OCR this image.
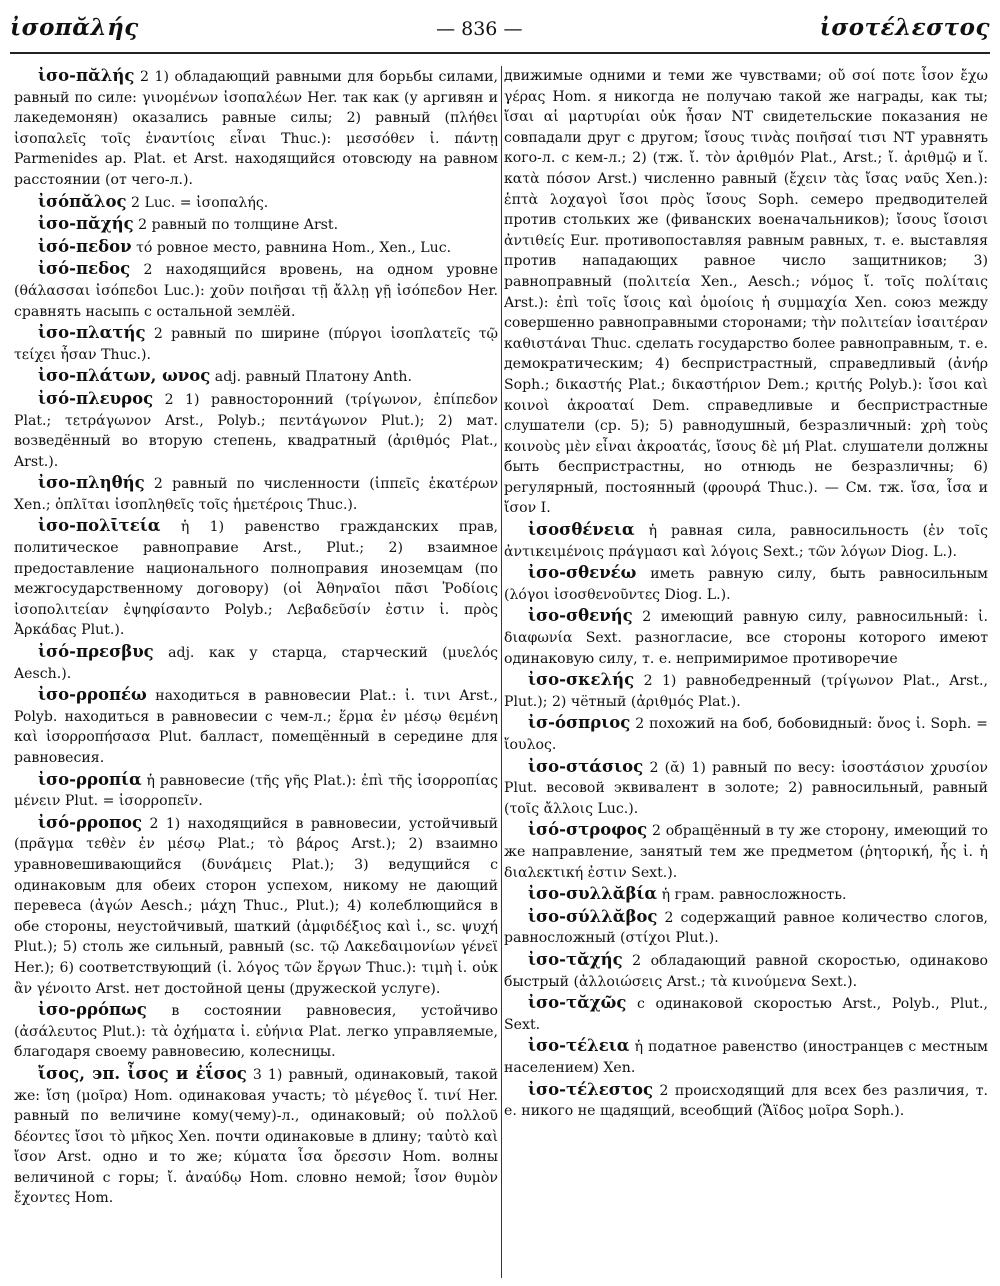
ἰσοπᾰλής	— 836 —	ἰσοτέλεστος

ἰσο-πᾰλής 2 1) обладающий равными для борьбы силами, равный по силе: γινομένων ἰσοπαλέων Her. так как (у аргивян и лакедемонян) оказались равные силы; 2) равный (πλήθει ἰσοπαλεῖς τοῖς ἐναντίοις εἶναι Thuc.): μεσσόθεν ἰ. πάντῃ Parmenides ap. Plat. et Arst. находящийся отовсюду на равном расстоянии (от чего-л.).

ἰσόπᾰλος 2 Luc. = ἰσοπαλής.

ἰσο-πᾰχής 2 равный по толщине Arst.

ἰσό-πεδον τό ровное место, равнина Hom., Xen., Luc.

ἰσό-πεδος 2 находящийся вровень, на одном уровне (θάλασσαι ἰσόπεδοι Luc.): χοῦν ποιῆσαι τῇ ἄλλῃ γῇ ἰσόπεδον Her. сравнять насыпь с остальной землёй.

ἰσο-πλατής 2 равный по ширине (πύργοι ἰσοπλατεῖς τῷ τείχει ἦσαν Thuc.).

ἰσο-πλάτων, ωνος adj. равный Платону Anth.

ἰσό-πλευρος 2 1) равносторонний (τρίγωνον, ἐπίπεδον Plat.; τετράγωνον Arst., Polyb.; πεντάγωνον Plut.); 2) мат. возведённый во вторую степень, квадратный (ἀριθμός Plat., Arst.).

ἰσο-πληθής 2 равный по численности (ἱππεῖς ἑκατέρων Xen.; ὁπλῖται ἰσοπληθεῖς τοῖς ἡμετέροις Thuc.).

ἰσο-πολῑτεία ἡ 1) равенство гражданских прав, политическое равноправие Arst., Plut.; 2) взаимное предоставление национального полноправия иноземцам (по межгосударственному договору) (οἱ Ἀθηναῖοι πᾶσι Ῥοδίοις ἰσοπολιτείαν ἐψηφίσαντο Polyb.; Λεβαδεῦσίν ἐστιν ἰ. πρὸς Ἀρκάδας Plut.).

ἰσό-πρεσβυς adj. как у старца, старческий (μυελός Aesch.).

ἰσο-ρροπέω находиться в равновесии Plat.: ἰ. τινι Arst., Polyb. находиться в равновесии с чем-л.; ἕρμα ἐν μέσῳ θεμένη καὶ ἰσορροπήσασα Plut. балласт, помещённый в середине для равновесия.

ἰσο-ρροπία ἡ равновесие (τῆς γῆς Plat.): ἐπὶ τῆς ἰσορροπίας μένειν Plut. = ἰσορροπεῖν.

ἰσό-ρροπος 2 1) находящийся в равновесии, устойчивый (πρᾶγμα τεθὲν ἐν μέσῳ Plat.; τὸ βάρος Arst.); 2) взаимно уравновешивающийся (δυνάμεις Plat.); 3) ведущийся с одинаковым для обеих сторон успехом, никому не дающий перевеса (ἀγών Aesch.; μάχη Thuc., Plut.); 4) колеблющийся в обе стороны, неустойчивый, шаткий (ἀμφιδέξιος καὶ ἰ., sc. ψυχή Plut.); 5) столь же сильный, равный (sc. τῷ Λακεδαιμονίων γένεϊ Her.); 6) соответствующий (ἰ. λόγος τῶν ἔργων Thuc.): τιμὴ ἰ. οὐκ ἂν γένοιτο Arst. нет достойной цены (дружеской услуге).

ἰσο-ρρόπως в состоянии равновесия, устойчиво (ἀσάλευτος Plut.): τὰ ὀχήματα ἰ. εὐήνια Plat. легко управляемые, благодаря своему равновесию, колесницы.

ἴσος, эп. ἶσος и ἐΐσος 3 1) равный, одинаковый, такой же: ἴση (μοῖρα) Hom. одинаковая участь; τὸ μέγεθος ἴ. τινί Her. равный по величине кому(чему)-л., одинаковый; οὐ πολλοῦ δέοντες ἴσοι τὸ μῆκος Xen. почти одинаковые в длину; ταὐτὸ καὶ ἴσον Arst. одно и то же; κύματα ἶσα ὄρεσσιν Hom. волны величиной с горы; ἴ. ἀναύδῳ Hom. словно немой; ἶσον θυμὸν ἔχοντες Hom.

движимые одними и теми же чувствами; οὔ σοί ποτε ἶσον ἔχω γέρας Hom. я никогда не получаю такой же награды, как ты; ἴσαι αἱ μαρτυρίαι οὐκ ἦσαν NT свидетельские показания не совпадали друг с другом; ἴσους τινὰς ποιῆσαί τισι NT уравнять кого-л. с кем-л.; 2) (тж. ἴ. τὸν ἀριθμόν Plat., Arst.; ἴ. ἀριθμῷ и ἴ. κατὰ πόσον Arst.) численно равный (ἔχειν τὰς ἴσας ναῦς Xen.): ἑπτὰ λοχαγοὶ ἴσοι πρὸς ἴσους Soph. семеро предводителей против стольких же (фиванских военачальников); ἴσους ἴσοισι ἀντιθείς Eur. противопоставляя равным равных, т. е. выставляя против нападающих равное число защитников; 3) равноправный (πολιτεία Xen., Aesch.; νόμος ἴ. τοῖς πολίταις Arst.): ἐπὶ τοῖς ἴσοις καὶ ὁμοίοις ἡ συμμαχία Xen. союз между совершенно равноправными сторонами; τὴν πολιτείαν ἰσαιτέραν καθιστάναι Thuc. сделать государство более равноправным, т. е. демократическим; 4) беспристрастный, справедливый (ἀνήρ Soph.; δικαστής Plat.; δικαστήριον Dem.; κριτής Polyb.): ἴσοι καὶ κοινοὶ ἀκροαταί Dem. справедливые и беспристрастные слушатели (ср. 5); 5) равнодушный, безразличный: χρὴ τοὺς κοινοὺς μὲν εἶναι ἀκροατάς, ἴσους δὲ μή Plat. слушатели должны быть беспристрастны, но отнюдь не безразличны; 6) регулярный, постоянный (φρουρά Thuc.). — См. тж. ἴσα, ἶσα и ἴσον I.

ἰσοσθένεια ἡ равная сила, равносильность (ἐν τοῖς ἀντικειμένοις πράγμασι καὶ λόγοις Sext.; τῶν λόγων Diog. L.).

ἰσο-σθενέω иметь равную силу, быть равносильным (λόγοι ἰσοσθενοῦντες Diog. L.).

ἰσο-σθενής 2 имеющий равную силу, равносильный: ἰ. διαφωνία Sext. разногласие, все стороны которого имеют одинаковую силу, т. е. непримиримое противоречие

ἰσο-σκελής 2 1) равнобедренный (τρίγωνον Plat., Arst., Plut.); 2) чётный (ἀριθμός Plat.).

ἰσ-όσπριος 2 похожий на боб, бобовидный: ὄνος ἰ. Soph. = ἴουλος.

ἰσο-στάσιος 2 (ᾰ) 1) равный по весу: ἰσοστάσιον χρυσίον Plut. весовой эквивалент в золоте; 2) равносильный, равный (τοῖς ἄλλοις Luc.).

ἰσό-στροφος 2 обращённый в ту же сторону, имеющий то же направление, занятый тем же предметом (ῥητορική, ἧς ἰ. ἡ διαλεκτική ἐστιν Sext.).

ἰσο-συλλᾰβία ἡ грам. равносложность.

ἰσο-σύλλᾰβος 2 содержащий равное количество слогов, равносложный (στίχοι Plut.).

ἰσο-τᾰχής 2 обладающий равной скоростью, одинаково быстрый (ἀλλοιώσεις Arst.; τὰ κινούμενα Sext.).

ἰσο-τᾰχῶς с одинаковой скоростью Arst., Polyb., Plut., Sext.

ἰσο-τέλεια ἡ податное равенство (иностранцев с местным населением) Xen.

ἰσο-τέλεστος 2 происходящий для всех без различия, т. е. никого не щадящий, всеобщий (Ἄϊδος μοῖρα Soph.).
